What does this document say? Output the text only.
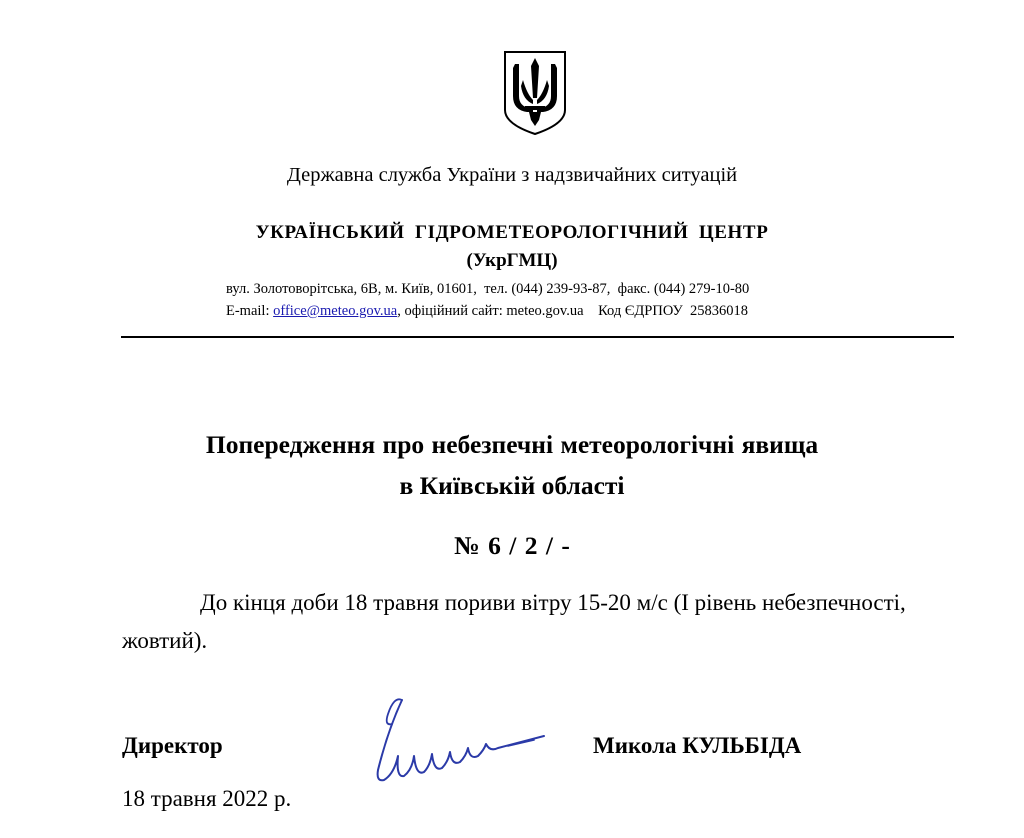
Державна служба України з надзвичайних ситуацій
УКРАЇНСЬКИЙ ГІДРОМЕТЕОРОЛОГІЧНИЙ ЦЕНТР
(УкрГМЦ)
вул. Золотоворітська, 6В, м. Київ, 01601, тел. (044) 239-93-87, факс. (044) 279-10-80
E-mail: office@meteo.gov.ua, офіційний сайт: meteo.gov.ua Код ЄДРПОУ  25836018
Попередження про небезпечні метеорологічні явища
в Київській області
№ 6 / 2 / -
До кінця доби 18 травня пориви вітру 15-20 м/с (І рівень небезпечності, жовтий).
Директор	Микола КУЛЬБІДА
18 травня 2022 р.
